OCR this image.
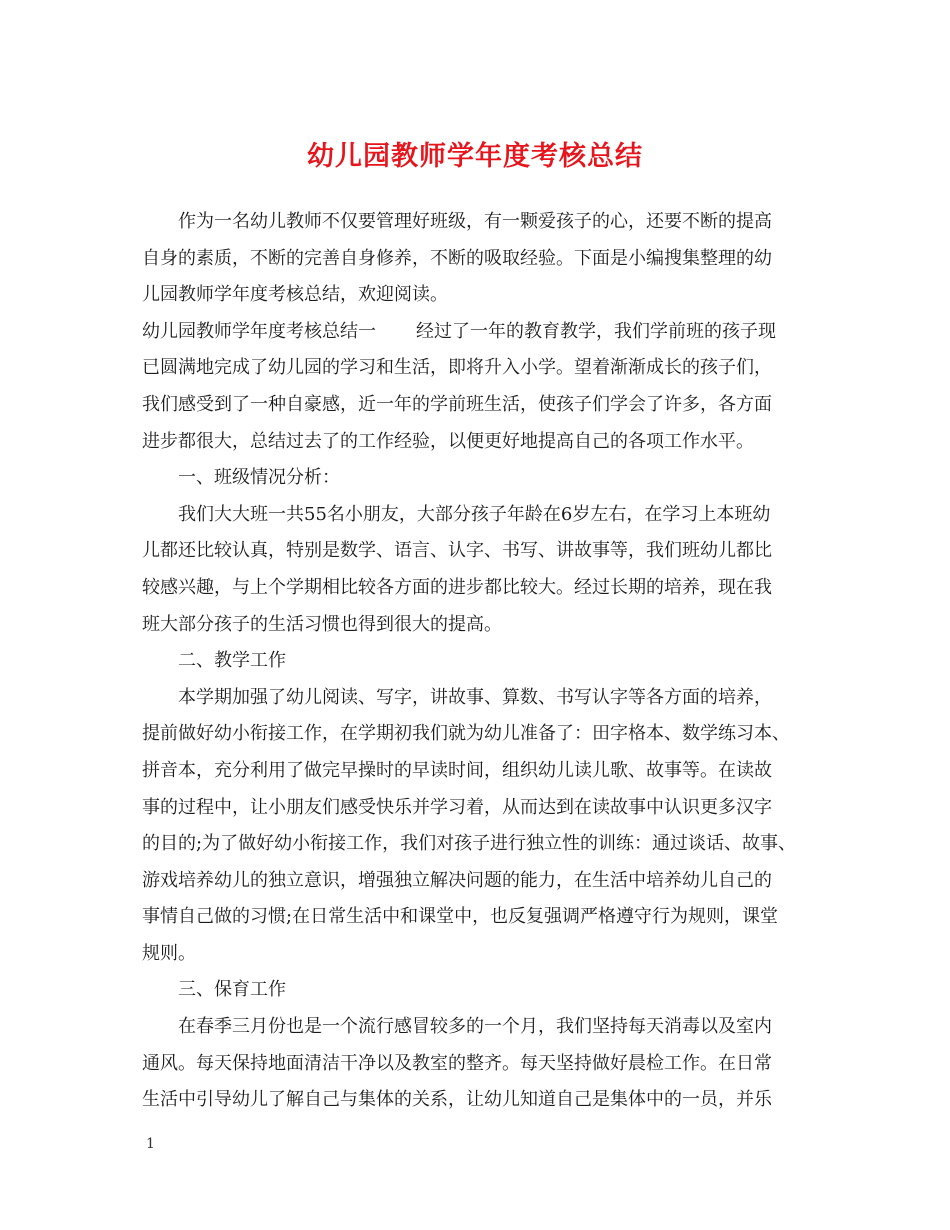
幼儿园教师学年度考核总结
作为一名幼儿教师不仅要管理好班级，有一颗爱孩子的心，还要不断的提高
自身的素质，不断的完善自身修养，不断的吸取经验。下面是小编搜集整理的幼
儿园教师学年度考核总结，欢迎阅读。
幼儿园教师学年度考核总结一 经过了一年的教育教学，我们学前班的孩子现
已圆满地完成了幼儿园的学习和生活，即将升入小学。望着渐渐成长的孩子们，
我们感受到了一种自豪感，近一年的学前班生活，使孩子们学会了许多，各方面
进步都很大，总结过去了的工作经验，以便更好地提高自己的各项工作水平。
一、班级情况分析：
我们大大班一共55名小朋友，大部分孩子年龄在6岁左右，在学习上本班幼
儿都还比较认真，特别是数学、语言、认字、书写、讲故事等，我们班幼儿都比
较感兴趣，与上个学期相比较各方面的进步都比较大。经过长期的培养，现在我
班大部分孩子的生活习惯也得到很大的提高。
二、教学工作
本学期加强了幼儿阅读、写字，讲故事、算数、书写认字等各方面的培养，
提前做好幼小衔接工作，在学期初我们就为幼儿准备了：田字格本、数学练习本、
拼音本，充分利用了做完早操时的早读时间，组织幼儿读儿歌、故事等。在读故
事的过程中，让小朋友们感受快乐并学习着，从而达到在读故事中认识更多汉字
的目的;为了做好幼小衔接工作，我们对孩子进行独立性的训练：通过谈话、故事、
游戏培养幼儿的独立意识，增强独立解决问题的能力，在生活中培养幼儿自己的
事情自己做的习惯;在日常生活中和课堂中，也反复强调严格遵守行为规则，课堂
规则。
三、保育工作
在春季三月份也是一个流行感冒较多的一个月，我们坚持每天消毒以及室内
通风。每天保持地面清洁干净以及教室的整齐。每天坚持做好晨检工作。在日常
生活中引导幼儿了解自己与集体的关系，让幼儿知道自己是集体中的一员，并乐
1
